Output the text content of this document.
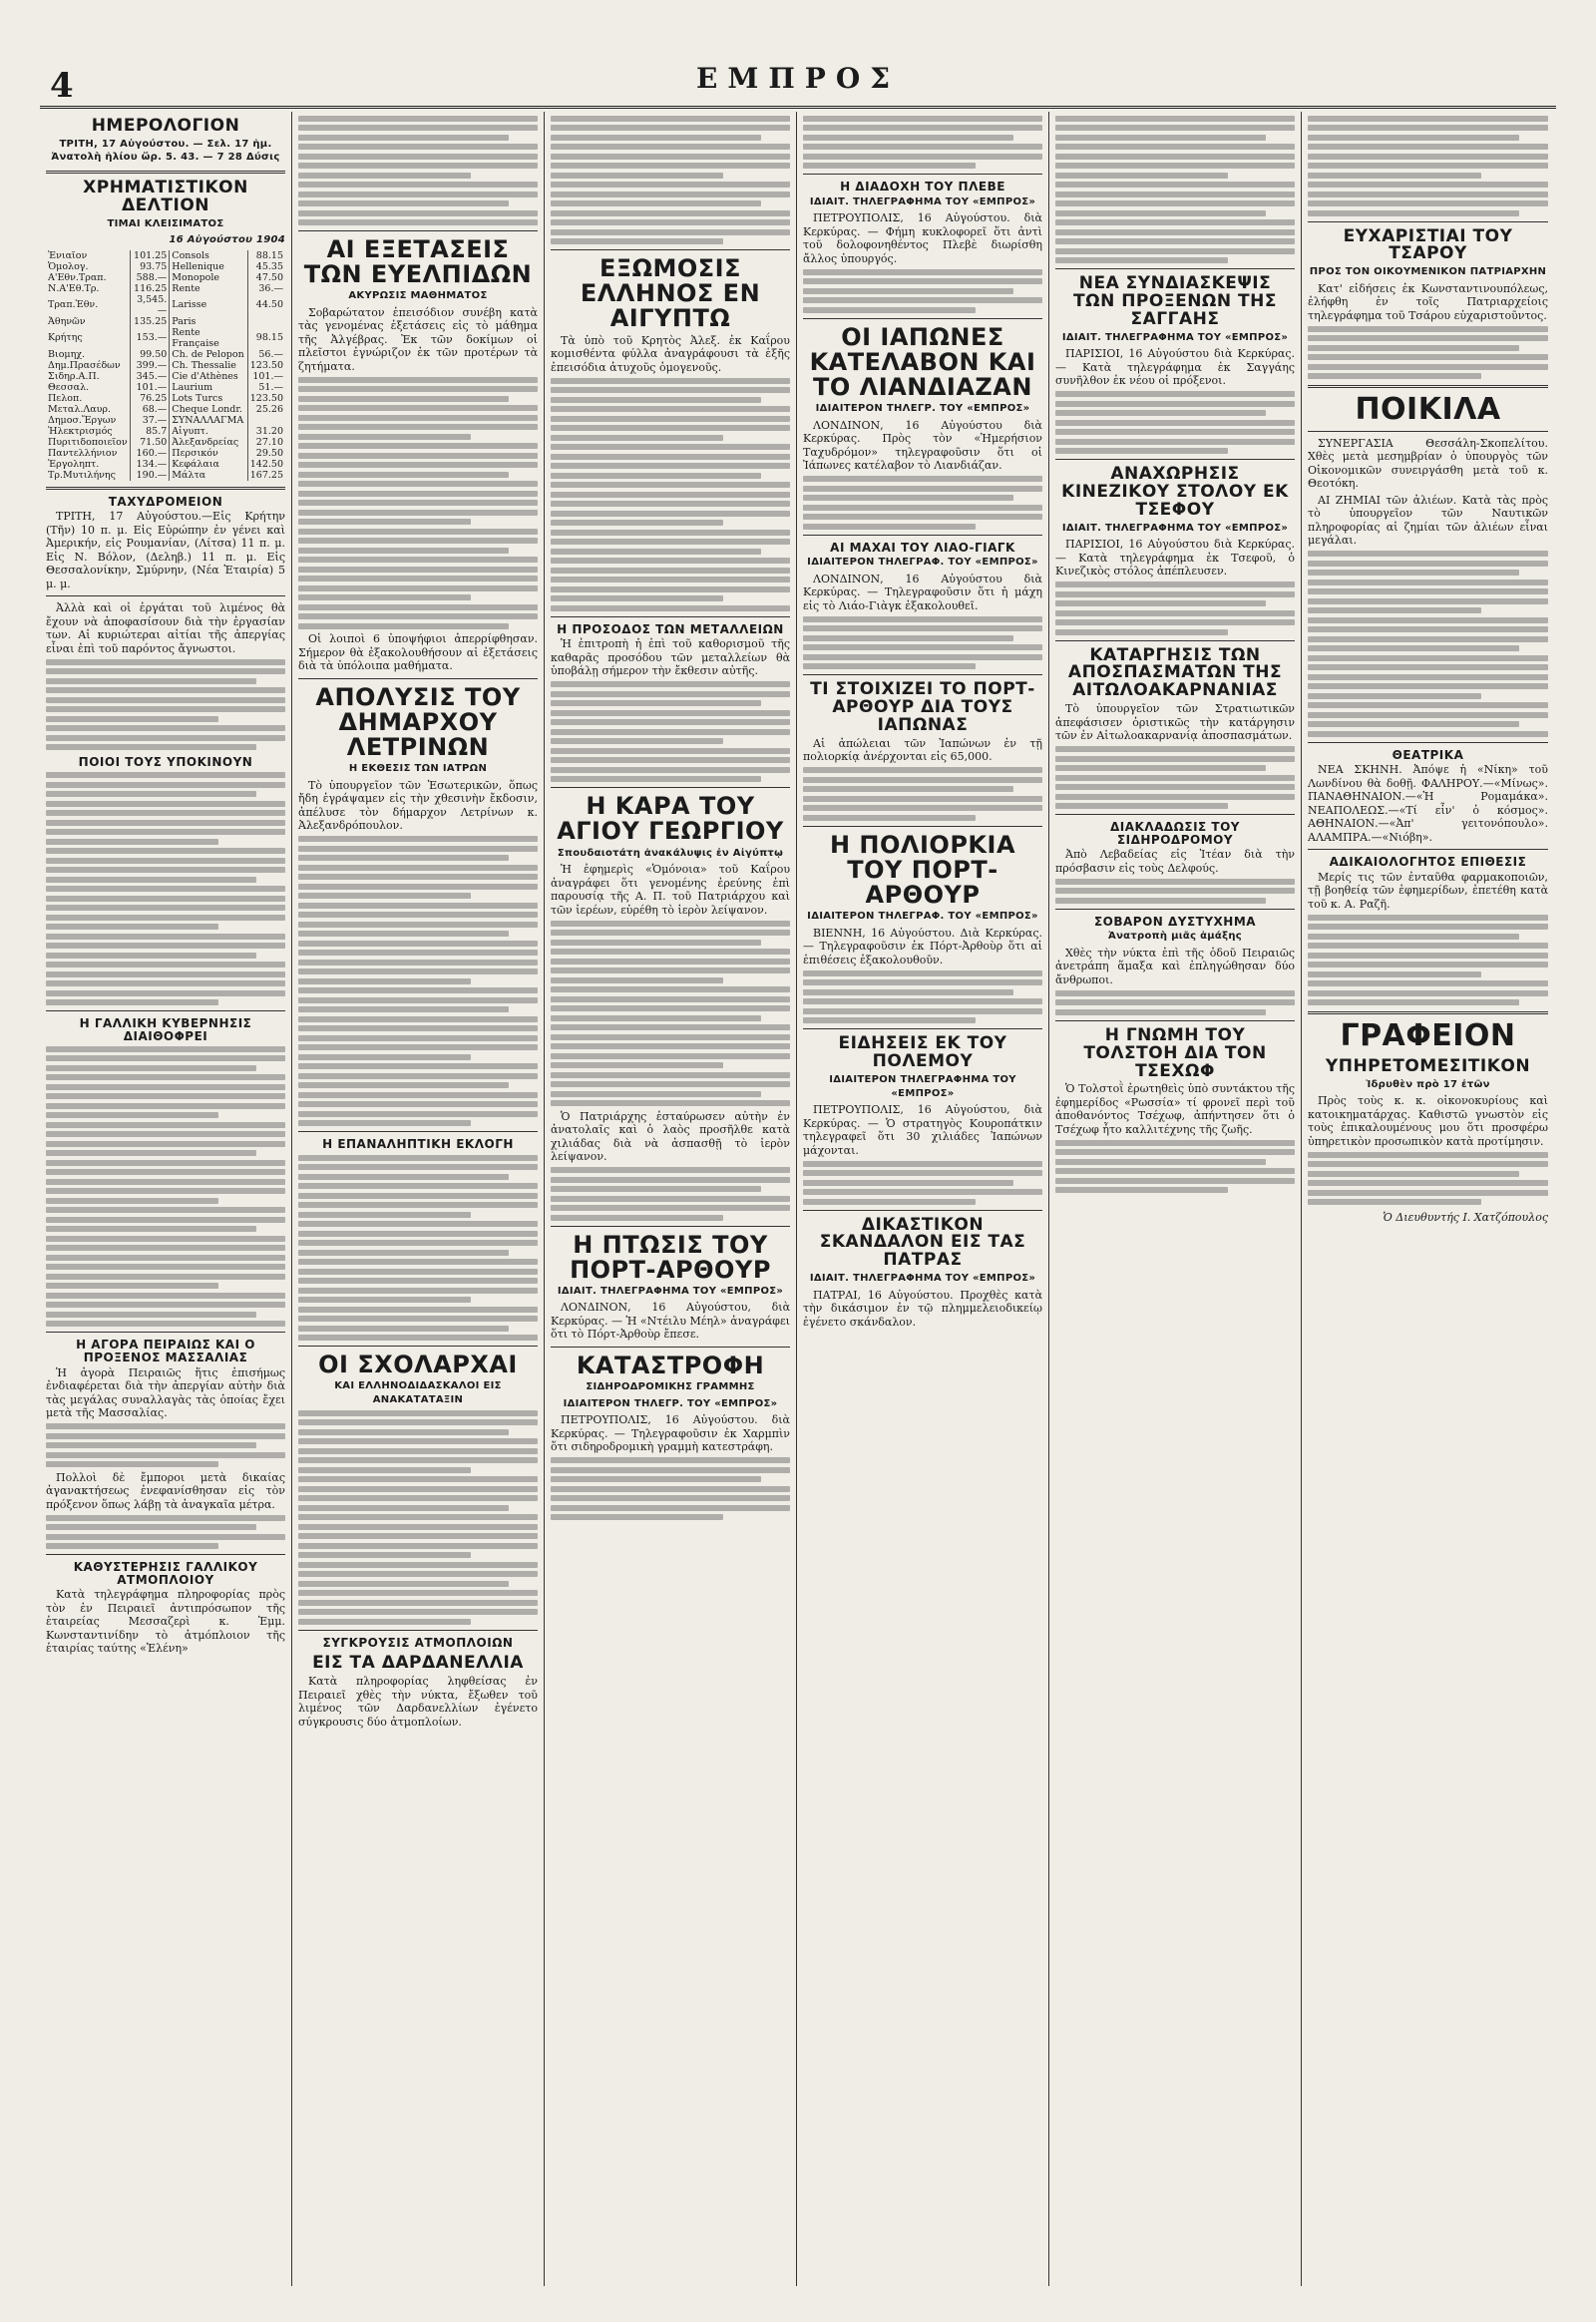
4	ΕΜΠΡΟΣ
ΗΜΕΡΟΛΟΓΙΟΝ
ΤΡΙΤΗ, 17 Αὐγούστου. — Σελ. 17 ἡμ. Ἀνατολὴ ἡλίου ὥρ. 5. 43. — 7 28 Δύσις
ΧΡΗΜΑΤΙΣΤΙΚΟΝ ΔΕΛΤΙΟΝ
ΤΙΜΑΙ ΚΛΕΙΣΙΜΑΤΟΣ
16 Αὐγούστου 1904
Ἐνιαῖον	101.25	Consols	88.15
Ὁμολογ.	93.75	Hellenique	45.35
Α'Εθν.Τραπ.	588.—	Monopole	47.50
Ν.Α'Εθ.Τρ.	116.25	Rente	36.—
Τραπ.Ἐθν.	3,545.—	Larisse	44.50
Ἀθηνῶν	135.25	Paris	
Κρήτης	153.—	Rente Française	98.15
Βιομηχ.	99.50	Ch. de Pelopon	56.—
Δημ.Πρασέδων	399.—	Ch. Thessalie	123.50
Σιδηρ.Α.Π.	345.—	Cie d'Athènes	101.—
Θεσσαλ.	101.—	Laurium	51.—
Πελοπ.	76.25	Lots Turcs	123.50
Μεταλ.Λαυρ.	68.—	Cheque Londr.	25.26
Δημοσ.Ἔργων	37.—	ΣΥΝΑΛΛΑΓΜΑ	
Ἠλεκτρισμός	85.7	Αἰγυπτ.	31.20
Πυριτιδοποιεῖον	71.50	Ἀλεξανδρείας	27.10
Παντελλήνιον	160.—	Περσικόν	29.50
Ἐργοληπτ.	134.—	Κεφάλαια	142.50
Τρ.Μυτιλήνης	190.—	Μάλτα	167.25
ΤΑΧΥΔΡΟΜΕΙΟΝ

ΤΡΙΤΗ, 17 Αὐγούστου.—Εἰς Κρήτην (Τῆν) 10 π. μ. Εἰς Εὐρώπην ἐν γένει καὶ Ἀμερικήν, εἰς Ρουμανίαν, (Λίτσα) 11 π. μ. Εἰς Ν. Βόλον, (Δεληβ.) 11 π. μ. Εἰς Θεσσαλονίκην, Σμύρνην, (Νέα Ἑταιρία) 5 μ. μ.

Ἀλλὰ καὶ οἱ ἐργάται τοῦ λιμένος θὰ ἔχουν νὰ ἀποφασίσουν διὰ τὴν ἐργασίαν των. Αἱ κυριώτεραι αἰτίαι τῆς ἀπεργίας εἶναι ἐπὶ τοῦ παρόντος ἄγνωστοι.

ΠΟΙΟΙ ΤΟΥΣ ΥΠΟΚΙΝΟΥΝ
Η ΓΑΛΛΙΚΗ ΚΥΒΕΡΝΗΣΙΣ ΔΙΑΙΘΟΦΡΕΙ
Η ΑΓΟΡΑ ΠΕΙΡΑΙΩΣ ΚΑΙ Ο ΠΡΟΞΕΝΟΣ ΜΑΣΣΑΛΙΑΣ

Ἡ ἀγορὰ Πειραιῶς ἥτις ἐπισήμως ἐνδιαφέρεται διὰ τὴν ἀπεργίαν αὐτὴν διὰ τὰς μεγάλας συναλλαγὰς τὰς ὁποίας ἔχει μετὰ τῆς Μασσαλίας.

Πολλοὶ δὲ ἔμποροι μετὰ δικαίας ἀγανακτήσεως ἐνεφανίσθησαν εἰς τὸν πρόξενον ὅπως λάβῃ τὰ ἀναγκαῖα μέτρα.

ΚΑΘΥΣΤΕΡΗΣΙΣ ΓΑΛΛΙΚΟΥ ΑΤΜΟΠΛΟΙΟΥ

Κατὰ τηλεγράφημα πληροφορίας πρὸς τὸν ἐν Πειραιεῖ ἀντιπρόσωπον τῆς ἑταιρείας Μεσσαζερὶ κ. Ἐμμ. Κωνσταντινίδην τὸ ἀτμόπλοιον τῆς ἑταιρίας ταύτης «Ἑλένη»

ΑΙ ΕΞΕΤΑΣΕΙΣ ΤΩΝ ΕΥΕΛΠΙΔΩΝ
ΑΚΥΡΩΣΙΣ ΜΑΘΗΜΑΤΟΣ

Σοβαρώτατον ἐπεισόδιον συνέβη κατὰ τὰς γενομένας ἐξετάσεις εἰς τὸ μάθημα τῆς Ἀλγέβρας. Ἐκ τῶν δοκίμων οἱ πλεῖστοι ἐγνώριζον ἐκ τῶν προτέρων τὰ ζητήματα.

Οἱ λοιποὶ 6 ὑποψήφιοι ἀπερρίφθησαν. Σήμερον θὰ ἐξακολουθήσουν αἱ ἐξετάσεις διὰ τὰ ὑπόλοιπα μαθήματα.

ΑΠΟΛΥΣΙΣ ΤΟΥ ΔΗΜΑΡΧΟΥ ΛΕΤΡΙΝΩΝ
Η ΕΚΘΕΣΙΣ ΤΩΝ ΙΑΤΡΩΝ

Τὸ ὑπουργεῖον τῶν Ἐσωτερικῶν, ὅπως ἤδη ἐγράψαμεν εἰς τὴν χθεσινὴν ἔκδοσιν, ἀπέλυσε τὸν δήμαρχον Λετρίνων κ. Ἀλεξανδρόπουλον.

Η ΕΠΑΝΑΛΗΠΤΙΚΗ ΕΚΛΟΓΗ
ΟΙ ΣΧΟΛΑΡΧΑΙ
ΚΑΙ ΕΛΛΗΝΟΔΙΔΑΣΚΑΛΟΙ ΕΙΣ ΑΝΑΚΑΤΑΤΑΞΙΝ
ΣΥΓΚΡΟΥΣΙΣ ΑΤΜΟΠΛΟΙΩΝ
ΕΙΣ ΤΑ ΔΑΡΔΑΝΕΛΛΙΑ

Κατὰ πληροφορίας ληφθείσας ἐν Πειραιεῖ χθὲς τὴν νύκτα, ἔξωθεν τοῦ λιμένος τῶν Δαρδανελλίων ἐγένετο σύγκρουσις δύο ἀτμοπλοίων.

ΕΞΩΜΟΣΙΣ ΕΛΛΗΝΟΣ ΕΝ ΑΙΓΥΠΤΩ

Τὰ ὑπὸ τοῦ Κρητὸς Ἀλεξ. ἐκ Καΐρου κομισθέντα φύλλα ἀναγράφουσι τὰ ἑξῆς ἐπεισόδια ἀτυχοῦς ὁμογενοῦς.

Η ΠΡΟΣΟΔΟΣ ΤΩΝ ΜΕΤΑΛΛΕΙΩΝ

Ἡ ἐπιτροπὴ ἡ ἐπὶ τοῦ καθορισμοῦ τῆς καθαρᾶς προσόδου τῶν μεταλλείων θὰ ὑποβάλῃ σήμερον τὴν ἔκθεσιν αὐτῆς.

Η ΚΑΡΑ ΤΟΥ ΑΓΙΟΥ ΓΕΩΡΓΙΟΥ
Σπουδαιοτάτη ἀνακάλυψις ἐν Αἰγύπτῳ

Ἡ ἐφημερὶς «Ὁμόνοια» τοῦ Καΐρου ἀναγράφει ὅτι γενομένης ἐρεύνης ἐπὶ παρουσίᾳ τῆς Α. Π. τοῦ Πατριάρχου καὶ τῶν ἱερέων, εὑρέθη τὸ ἱερὸν λείψανον.

Ὁ Πατριάρχης ἐσταύρωσεν αὐτὴν ἐν ἀνατολαῖς καὶ ὁ λαὸς προσῆλθε κατὰ χιλιάδας διὰ νὰ ἀσπασθῇ τὸ ἱερὸν λείψανον.

Η ΠΤΩΣΙΣ ΤΟΥ ΠΟΡΤ-ΑΡΘΟΥΡ
ΙΔΙΑΙΤ. ΤΗΛΕΓΡΑΦΗΜΑ ΤΟΥ «ΕΜΠΡΟΣ»

ΛΟΝΔΙΝΟΝ, 16 Αὐγούστου, διὰ Κερκύρας. — Ἡ «Ντέιλυ Μέηλ» ἀναγράφει ὅτι τὸ Πόρτ-Ἀρθοὺρ ἔπεσε.

ΚΑΤΑΣΤΡΟΦΗ
ΣΙΔΗΡΟΔΡΟΜΙΚΗΣ ΓΡΑΜΜΗΣ
ΙΔΙΑΙΤΕΡΟΝ ΤΗΛΕΓΡ. ΤΟΥ «ΕΜΠΡΟΣ»

ΠΕΤΡΟΥΠΟΛΙΣ, 16 Αὐγούστου. διὰ Κερκύρας. — Τηλεγραφοῦσιν ἐκ Χαρμπὶν ὅτι σιδηροδρομικὴ γραμμὴ κατεστράφη.

Η ΔΙΑΔΟΧΗ ΤΟΥ ΠΛΕΒΕ
ΙΔΙΑΙΤ. ΤΗΛΕΓΡΑΦΗΜΑ ΤΟΥ «ΕΜΠΡΟΣ»

ΠΕΤΡΟΥΠΟΛΙΣ, 16 Αὐγούστου. διὰ Κερκύρας. — Φήμη κυκλοφορεῖ ὅτι ἀντὶ τοῦ δολοφονηθέντος Πλεβὲ διωρίσθη ἄλλος ὑπουργός.

ΟΙ ΙΑΠΩΝΕΣ ΚΑΤΕΛΑΒΟΝ ΚΑΙ ΤΟ ΛΙΑΝΔΙΑΖΑΝ
ΙΔΙΑΙΤΕΡΟΝ ΤΗΛΕΓΡ. ΤΟΥ «ΕΜΠΡΟΣ»

ΛΟΝΔΙΝΟΝ, 16 Αὐγούστου διὰ Κερκύρας. Πρὸς τὸν «Ἡμερήσιον Ταχυδρόμον» τηλεγραφοῦσιν ὅτι οἱ Ἰάπωνες κατέλαβον τὸ Λιανδιάζαν.

ΑΙ ΜΑΧΑΙ ΤΟΥ ΛΙΑΟ-ΓΙΑΓΚ
ΙΔΙΑΙΤΕΡΟΝ ΤΗΛΕΓΡΑΦ. ΤΟΥ «ΕΜΠΡΟΣ»

ΛΟΝΔΙΝΟΝ, 16 Αὐγούστου διὰ Κερκύρας. — Τηλεγραφοῦσιν ὅτι ἡ μάχη εἰς τὸ Λιάο-Γιὰγκ ἐξακολουθεῖ.

ΤΙ ΣΤΟΙΧΙΖΕΙ ΤΟ ΠΟΡΤ-ΑΡΘΟΥΡ ΔΙΑ ΤΟΥΣ ΙΑΠΩΝΑΣ

Αἱ ἀπώλειαι τῶν Ἰαπώνων ἐν τῇ πολιορκίᾳ ἀνέρχονται εἰς 65,000.

Η ΠΟΛΙΟΡΚΙΑ ΤΟΥ ΠΟΡΤ-ΑΡΘΟΥΡ
ΙΔΙΑΙΤΕΡΟΝ ΤΗΛΕΓΡΑΦ. ΤΟΥ «ΕΜΠΡΟΣ»

ΒΙΕΝΝΗ, 16 Αὐγούστου. Διὰ Κερκύρας. — Τηλεγραφοῦσιν ἐκ Πόρτ-Ἀρθοὺρ ὅτι αἱ ἐπιθέσεις ἐξακολουθοῦν.

ΕΙΔΗΣΕΙΣ ΕΚ ΤΟΥ ΠΟΛΕΜΟΥ
ΙΔΙΑΙΤΕΡΟΝ ΤΗΛΕΓΡΑΦΗΜΑ ΤΟΥ «ΕΜΠΡΟΣ»

ΠΕΤΡΟΥΠΟΛΙΣ, 16 Αὐγούστου, διὰ Κερκύρας. — Ὁ στρατηγὸς Κουροπάτκιν τηλεγραφεῖ ὅτι 30 χιλιάδες Ἰαπώνων μάχονται.

ΔΙΚΑΣΤΙΚΟΝ ΣΚΑΝΔΑΛΟΝ ΕΙΣ ΤΑΣ ΠΑΤΡΑΣ
ΙΔΙΑΙΤ. ΤΗΛΕΓΡΑΦΗΜΑ ΤΟΥ «ΕΜΠΡΟΣ»

ΠΑΤΡΑΙ, 16 Αὐγούστου. Προχθὲς κατὰ τὴν δικάσιμον ἐν τῷ πλημμελειοδικείῳ ἐγένετο σκάνδαλον.

ΝΕΑ ΣΥΝΔΙΑΣΚΕΨΙΣ ΤΩΝ ΠΡΟΞΕΝΩΝ ΤΗΣ ΣΑΓΓΑΗΣ
ΙΔΙΑΙΤ. ΤΗΛΕΓΡΑΦΗΜΑ ΤΟΥ «ΕΜΠΡΟΣ»

ΠΑΡΙΣΙΟΙ, 16 Αὐγούστου διὰ Κερκύρας. — Κατὰ τηλεγράφημα ἐκ Σαγγάης συνῆλθον ἐκ νέου οἱ πρόξενοι.

ΑΝΑΧΩΡΗΣΙΣ ΚΙΝΕΖΙΚΟΥ ΣΤΟΛΟΥ ΕΚ ΤΣΕΦΟΥ
ΙΔΙΑΙΤ. ΤΗΛΕΓΡΑΦΗΜΑ ΤΟΥ «ΕΜΠΡΟΣ»

ΠΑΡΙΣΙΟΙ, 16 Αὐγούστου διὰ Κερκύρας. — Κατὰ τηλεγράφημα ἐκ Τσεφοῦ, ὁ Κινεζικὸς στόλος ἀπέπλευσεν.

ΚΑΤΑΡΓΗΣΙΣ ΤΩΝ ΑΠΟΣΠΑΣΜΑΤΩΝ ΤΗΣ ΑΙΤΩΛΟΑΚΑΡΝΑΝΙΑΣ

Τὸ ὑπουργεῖον τῶν Στρατιωτικῶν ἀπεφάσισεν ὁριστικῶς τὴν κατάργησιν τῶν ἐν Αἰτωλοακαρνανίᾳ ἀποσπασμάτων.

ΔΙΑΚΛΑΔΩΣΙΣ ΤΟΥ ΣΙΔΗΡΟΔΡΟΜΟΥ

Ἀπὸ Λεβαδείας εἰς Ἰτέαν διὰ τὴν πρόσβασιν εἰς τοὺς Δελφούς.

ΣΟΒΑΡΟΝ ΔΥΣΤΥΧΗΜΑ
Ἀνατροπὴ μιᾶς ἁμάξης

Χθὲς τὴν νύκτα ἐπὶ τῆς ὁδοῦ Πειραιῶς ἀνετράπη ἅμαξα καὶ ἐπληγώθησαν δύο ἄνθρωποι.

Η ΓΝΩΜΗ ΤΟΥ ΤΟΛΣΤΟΗ ΔΙΑ ΤΟΝ ΤΣΕΧΩΦ

Ὁ Τολστοῒ ἐρωτηθεὶς ὑπὸ συντάκτου τῆς ἐφημερίδος «Ρωσσία» τί φρονεῖ περὶ τοῦ ἀποθανόντος Τσέχωφ, ἀπήντησεν ὅτι ὁ Τσέχωφ ἦτο καλλιτέχνης τῆς ζωῆς.

ΕΥΧΑΡΙΣΤΙΑΙ ΤΟΥ ΤΣΑΡΟΥ
ΠΡΟΣ ΤΟΝ ΟΙΚΟΥΜΕΝΙΚΟΝ ΠΑΤΡΙΑΡΧΗΝ

Κατ' εἰδήσεις ἐκ Κωνσταντινουπόλεως, ἐλήφθη ἐν τοῖς Πατριαρχείοις τηλεγράφημα τοῦ Τσάρου εὐχαριστοῦντος.

ΠΟΙΚΙΛΑ

ΣΥΝΕΡΓΑΣΙΑ Θεσσάλη-Σκοπελίτου. Χθὲς μετὰ μεσημβρίαν ὁ ὑπουργὸς τῶν Οἰκονομικῶν συνειργάσθη μετὰ τοῦ κ. Θεοτόκη.

ΑΙ ΖΗΜΙΑΙ τῶν ἀλιέων. Κατὰ τὰς πρὸς τὸ ὑπουργεῖον τῶν Ναυτικῶν πληροφορίας αἱ ζημίαι τῶν ἀλιέων εἶναι μεγάλαι.

ΘΕΑΤΡΙΚΑ

ΝΕΑ ΣΚΗΝΗ. Ἀπόψε ἡ «Νίκη» τοῦ Λωνδίνου θὰ δοθῇ. ΦΑΛΗΡΟΥ.—«Μίνως». ΠΑΝΑΘΗΝΑΙΟΝ.—«Ἡ Ρομαμάκα». ΝΕΑΠΟΛΕΩΣ.—«Τί εἶν' ὁ κόσμος». ΑΘΗΝΑΙΟΝ.—«Ἀπ' γειτονόπουλο». ΑΛΑΜΠΡΑ.—«Νιόβη».

ΑΔΙΚΑΙΟΛΟΓΗΤΟΣ ΕΠΙΘΕΣΙΣ

Μερίς τις τῶν ἐνταῦθα φαρμακοποιῶν, τῇ βοηθείᾳ τῶν ἐφημερίδων, ἐπετέθη κατὰ τοῦ κ. Α. Ραζῆ.

ΓΡΑΦΕΙΟΝ
ΥΠΗΡΕΤΟΜΕΣΙΤΙΚΟΝ
Ἱδρυθὲν πρὸ 17 ἐτῶν

Πρὸς τοὺς κ. κ. οἰκονοκυρίους καὶ κατοικηματάρχας. Καθιστῶ γνωστὸν εἰς τοὺς ἐπικαλουμένους μου ὅτι προσφέρω ὑπηρετικὸν προσωπικὸν κατὰ προτίμησιν.

Ὁ Διευθυντής Ι. Χατζόπουλος
